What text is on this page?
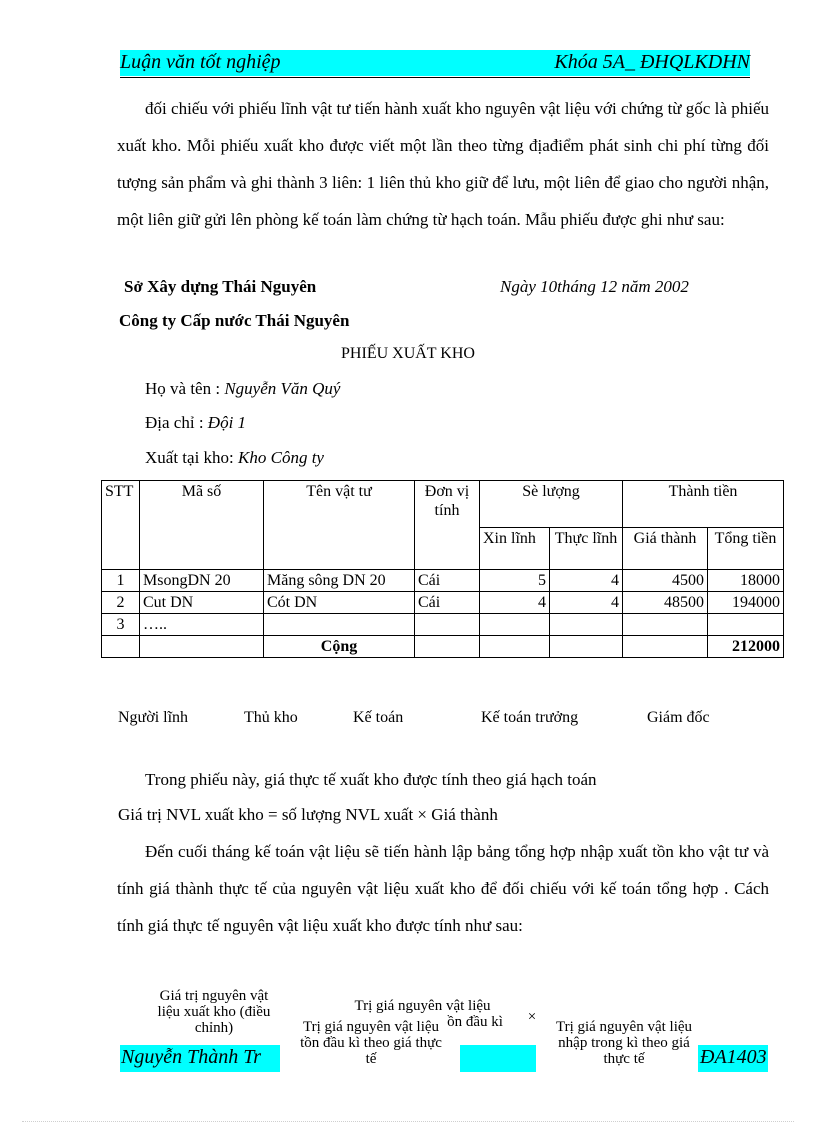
Luận văn tốt nghiệp	Khóa 5A_ ĐHQLKDHN
đối chiếu với phiếu lĩnh vật tư tiến hành xuất kho nguyên vật liệu với chứng từ gốc là phiếu xuất kho. Mỗi phiếu xuất kho được viết một lần theo từng địađiểm phát sinh chi phí từng đối tượng sản phẩm và ghi thành 3 liên: 1 liên thủ kho giữ để lưu, một liên để giao cho người nhận, một liên giữ gửi lên phòng kế toán làm chứng từ hạch toán. Mẫu phiếu được ghi như sau:
Sở Xây dựng Thái Nguyên	Ngày 10tháng 12 năm 2002
Công ty Cấp nước Thái Nguyên
PHIẾU XUẤT KHO
Họ và tên : Nguyễn Văn Quý
Địa chỉ : Đội 1
Xuất tại kho: Kho Công ty
STT	Mã số	Tên vật tư	Đơn vị tính	Sè lượng		Thành tiền	
				Xin lĩnh	Thực lĩnh	Giá thành	Tổng tiền
1	MsongDN 20	Măng sông DN 20	Cái	5	4	4500	18000
2	Cut DN	Cót DN	Cái	4	4	48500	194000
3	…..						
		Cộng					212000
Người lĩnh	Thủ kho	Kế toán	Kế toán trưởng	Giám đốc
Trong phiếu này, giá thực tế xuất kho được tính theo giá hạch toán
Giá trị NVL xuất kho = số lượng NVL xuất × Giá thành
Đến cuối tháng kế toán vật liệu sẽ tiến hành lập bảng tổng hợp nhập xuất tồn kho vật tư và tính giá thành thực tế của nguyên vật liệu xuất kho để đối chiếu với kế toán tổng hợp . Cách tính giá thực tế nguyên vật liệu xuất kho được tính như sau:
Giá trị nguyên vật liệu xuất kho (điều chỉnh)
Trị giá nguyên vật liệu
ồn đầu kì	×
Trị giá nguyên vật liệu tồn đầu kì theo giá thực tế
Trị giá nguyên vật liệu nhập trong kì theo giá thực tế
Nguyễn Thành Tr	ĐA1403
